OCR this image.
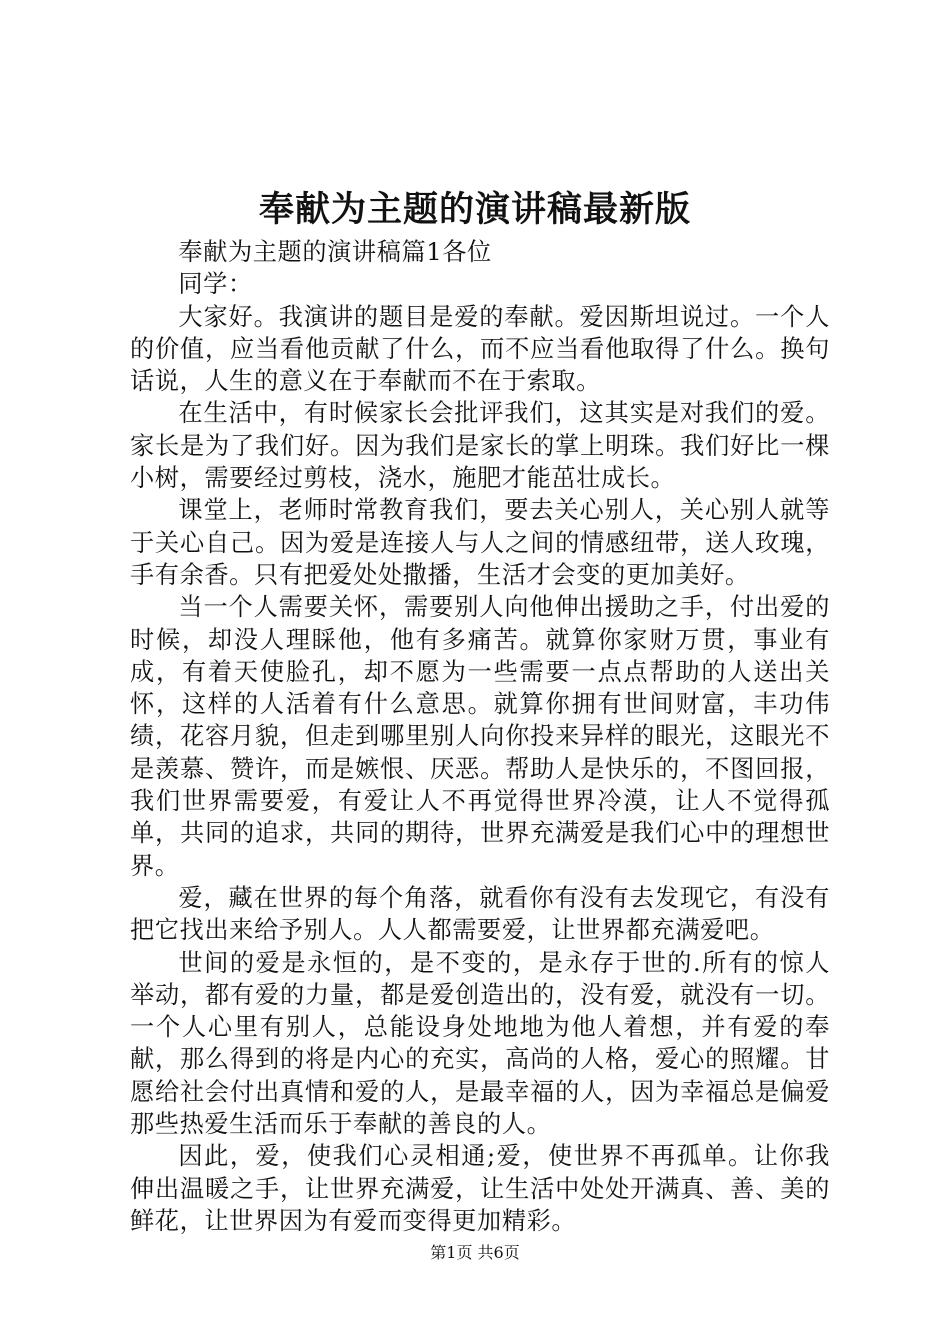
奉献为主题的演讲稿最新版

奉献为主题的演讲稿篇1各位

同学：

大家好。我演讲的题目是爱的奉献。爱因斯坦说过。一个人的价值，应当看他贡献了什么，而不应当看他取得了什么。换句话说，人生的意义在于奉献而不在于索取。

在生活中，有时候家长会批评我们，这其实是对我们的爱。家长是为了我们好。因为我们是家长的掌上明珠。我们好比一棵小树，需要经过剪枝，浇水，施肥才能茁壮成长。

课堂上，老师时常教育我们，要去关心别人，关心别人就等于关心自己。因为爱是连接人与人之间的情感纽带，送人玫瑰，手有余香。只有把爱处处撒播，生活才会变的更加美好。

当一个人需要关怀，需要别人向他伸出援助之手，付出爱的时候，却没人理睬他，他有多痛苦。就算你家财万贯，事业有成，有着天使脸孔，却不愿为一些需要一点点帮助的人送出关怀，这样的人活着有什么意思。就算你拥有世间财富，丰功伟绩，花容月貌，但走到哪里别人向你投来异样的眼光，这眼光不是羡慕、赞许，而是嫉恨、厌恶。帮助人是快乐的，不图回报，我们世界需要爱，有爱让人不再觉得世界冷漠，让人不觉得孤单，共同的追求，共同的期待，世界充满爱是我们心中的理想世界。

爱，藏在世界的每个角落，就看你有没有去发现它，有没有把它找出来给予别人。人人都需要爱，让世界都充满爱吧。

世间的爱是永恒的，是不变的，是永存于世的.所有的惊人举动，都有爱的力量，都是爱创造出的，没有爱，就没有一切。一个人心里有别人，总能设身处地地为他人着想，并有爱的奉献，那么得到的将是内心的充实，高尚的人格，爱心的照耀。甘愿给社会付出真情和爱的人，是最幸福的人，因为幸福总是偏爱那些热爱生活而乐于奉献的善良的人。

因此，爱，使我们心灵相通;爱，使世界不再孤单。让你我伸出温暖之手，让世界充满爱，让生活中处处开满真、善、美的鲜花，让世界因为有爱而变得更加精彩。

第1页 共6页
